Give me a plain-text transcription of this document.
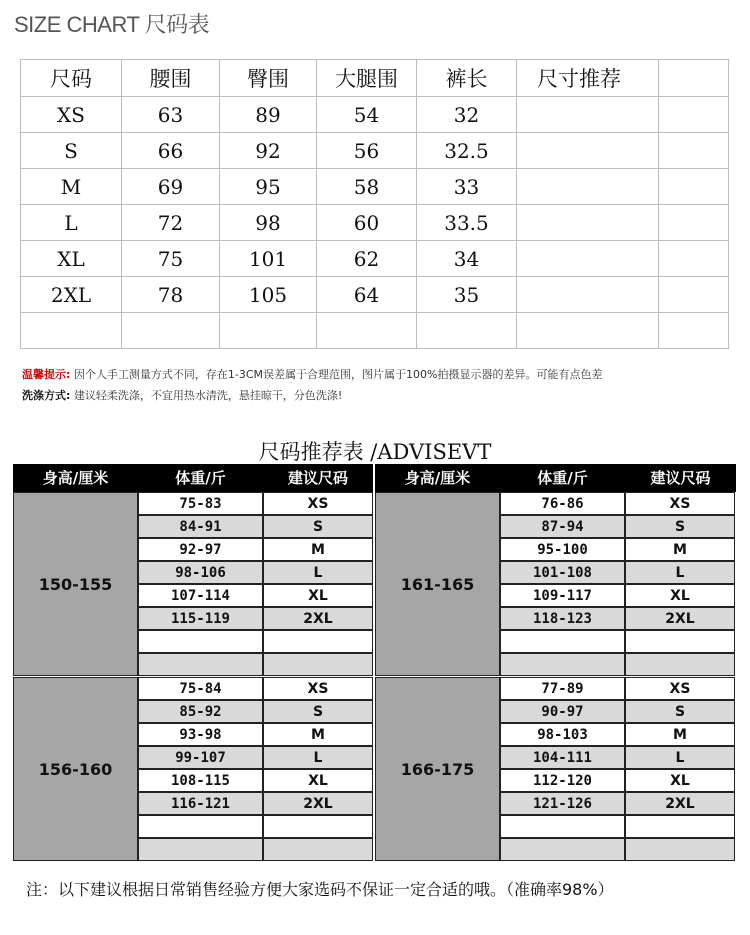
SIZE CHART 尺码表
尺码	腰围	臀围	大腿围	裤长	尺寸推荐	
XS	63	89	54	32		
S	66	92	56	32.5		
M	69	95	58	33		
L	72	98	60	33.5		
XL	75	101	62	34		
2XL	78	105	64	35		

温馨提示: 因个人手工测量方式不同，存在1-3CM误差属于合理范围，图片属于100%拍摄显示器的差异。可能有点色差
洗涤方式: 建议轻柔洗涤，不宜用热水清洗，悬挂晾干，分色洗涤!
尺码推荐表 /ADVISEVT
身高/厘米	体重/斤	建议尺码	身高/厘米	体重/斤	建议尺码
150-155
75-83	XS
84-91	S
92-97	M
98-106	L
107-114	XL
115-119	2XL
161-165
76-86	XS
87-94	S
95-100	M
101-108	L
109-117	XL
118-123	2XL
156-160
75-84	XS
85-92	S
93-98	M
99-107	L
108-115	XL
116-121	2XL
166-175
77-89	XS
90-97	S
98-103	M
104-111	L
112-120	XL
121-126	2XL
注：以下建议根据日常销售经验方便大家选码不保证一定合适的哦。（准确率98%）
